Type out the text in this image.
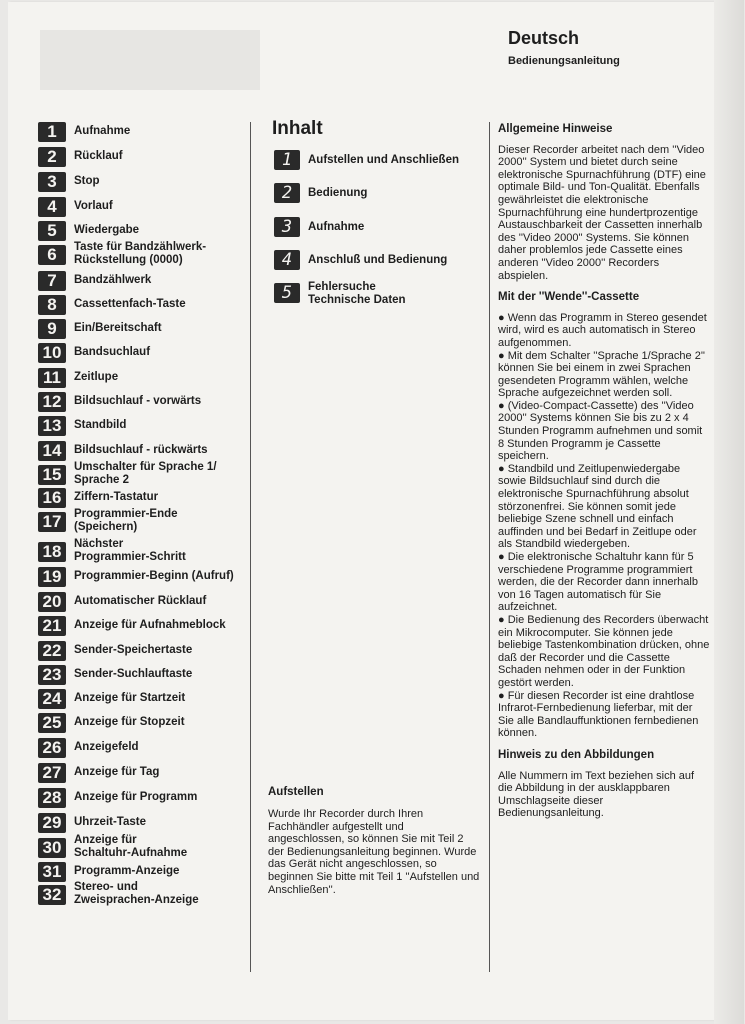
Deutsch
Bedienungsanleitung
1	Aufnahme
2	Rücklauf
3	Stop
4	Vorlauf
5	Wiedergabe
6	Taste für Bandzählwerk-
Rückstellung (0000)
7	Bandzählwerk
8	Cassettenfach-Taste
9	Ein/Bereitschaft
10	Bandsuchlauf
11	Zeitlupe
12	Bildsuchlauf - vorwärts
13	Standbild
14	Bildsuchlauf - rückwärts
15	Umschalter für Sprache 1/
Sprache 2
16	Ziffern-Tastatur
17	Programmier-Ende
(Speichern)
18	Nächster
Programmier-Schritt
19	Programmier-Beginn (Aufruf)
20	Automatischer Rücklauf
21	Anzeige für Aufnahmeblock
22	Sender-Speichertaste
23	Sender-Suchlauftaste
24	Anzeige für Startzeit
25	Anzeige für Stopzeit
26	Anzeigefeld
27	Anzeige für Tag
28	Anzeige für Programm
29	Uhrzeit-Taste
30	Anzeige für
Schaltuhr-Aufnahme
31	Programm-Anzeige
32	Stereo- und
Zweisprachen-Anzeige
Inhalt
1	Aufstellen und Anschließen
2	Bedienung
3	Aufnahme
4	Anschluß und Bedienung
5	Fehlersuche
Technische Daten
Aufstellen
Wurde Ihr Recorder durch Ihren Fachhändler aufgestellt und angeschlossen, so können Sie mit Teil 2 der Bedienungsanleitung beginnen. Wurde das Gerät nicht angeschlossen, so beginnen Sie bitte mit Teil 1 ''Aufstellen und Anschließen''.
Allgemeine Hinweise

Dieser Recorder arbeitet nach dem ''Video 2000'' System und bietet durch seine elektronische Spurnachführung (DTF) eine optimale Bild- und Ton-Qualität. Ebenfalls gewährleistet die elektronische Spurnachführung eine hundertprozentige Austauschbarkeit der Cassetten innerhalb des ''Video 2000'' Systems. Sie können daher problemlos jede Cassette eines anderen ''Video 2000'' Recorders abspielen.

Mit der ''Wende''-Cassette

● Wenn das Programm in Stereo gesendet wird, wird es auch automatisch in Stereo aufgenommen.

● Mit dem Schalter ''Sprache 1/Sprache 2'' können Sie bei einem in zwei Sprachen gesendeten Programm wählen, welche Sprache aufgezeichnet werden soll.

● (Video-Compact-Cassette) des ''Video 2000'' Systems können Sie bis zu 2 x 4 Stunden Programm aufnehmen und somit 8 Stunden Programm je Cassette speichern.

● Standbild und Zeitlupenwiedergabe sowie Bildsuchlauf sind durch die elektronische Spurnachführung absolut störzonenfrei. Sie können somit jede beliebige Szene schnell und einfach auffinden und bei Bedarf in Zeitlupe oder als Standbild wiedergeben.

● Die elektronische Schaltuhr kann für 5 verschiedene Programme programmiert werden, die der Recorder dann innerhalb von 16 Tagen automatisch für Sie aufzeichnet.

● Die Bedienung des Recorders überwacht ein Mikrocomputer. Sie können jede beliebige Tastenkombination drücken, ohne daß der Recorder und die Cassette Schaden nehmen oder in der Funktion gestört werden.

● Für diesen Recorder ist eine drahtlose Infrarot-Fernbedienung lieferbar, mit der Sie alle Bandlauffunktionen fernbedienen können.

Hinweis zu den Abbildungen

Alle Nummern im Text beziehen sich auf die Abbildung in der ausklappbaren Umschlagseite dieser Bedienungsanleitung.
